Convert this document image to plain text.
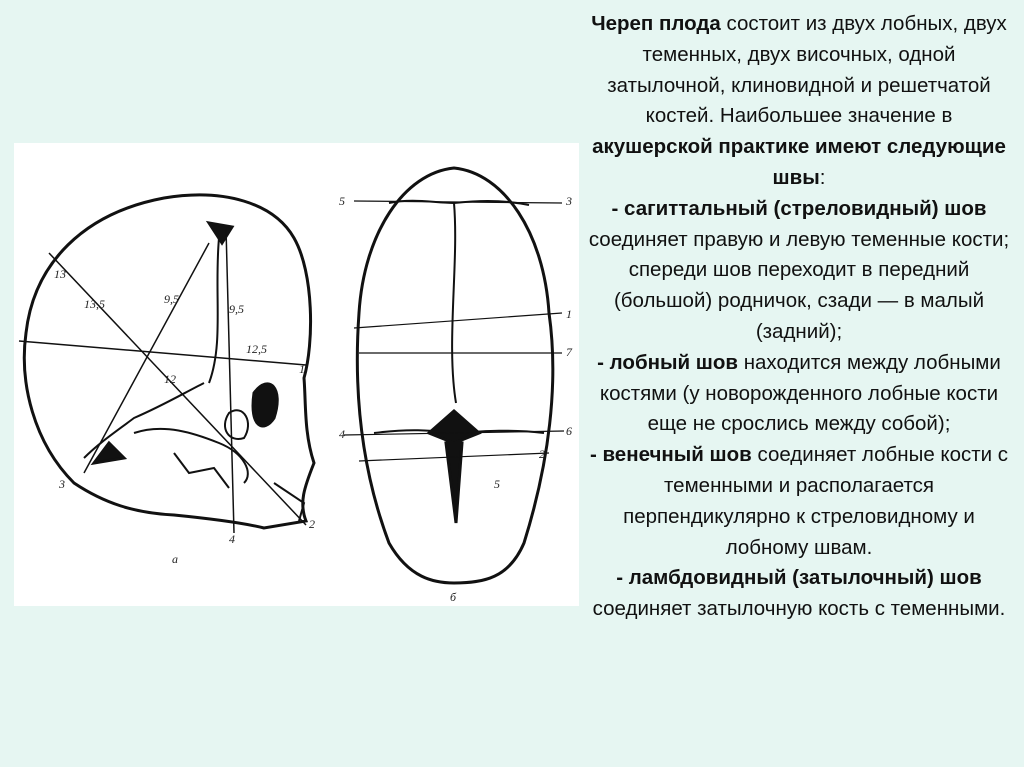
13
13,5	9,5
9,5
12,5
12
1
2
3
4
а
5	3
1
7
4	6
2
5
б
Череп плода состоит из двух лобных, двух теменных, двух височных, одной затылочной, клиновидной и решетчатой костей. Наибольшее значение в акушерской практике имеют следующие швы:
- сагиттальный (стреловидный) шов соединяет правую и левую теменные кости; спереди шов переходит в передний (большой) родничок, сзади — в малый (задний);
- лобный шов находится между лобными костями (у новорожденного лобные кости еще не срослись между собой);
- венечный шов соединяет лобные кости с теменными и располагается перпендикулярно к стреловидному и лобному швам.
- ламбдовидный (затылочный) шов соединяет затылочную кость с теменными.
